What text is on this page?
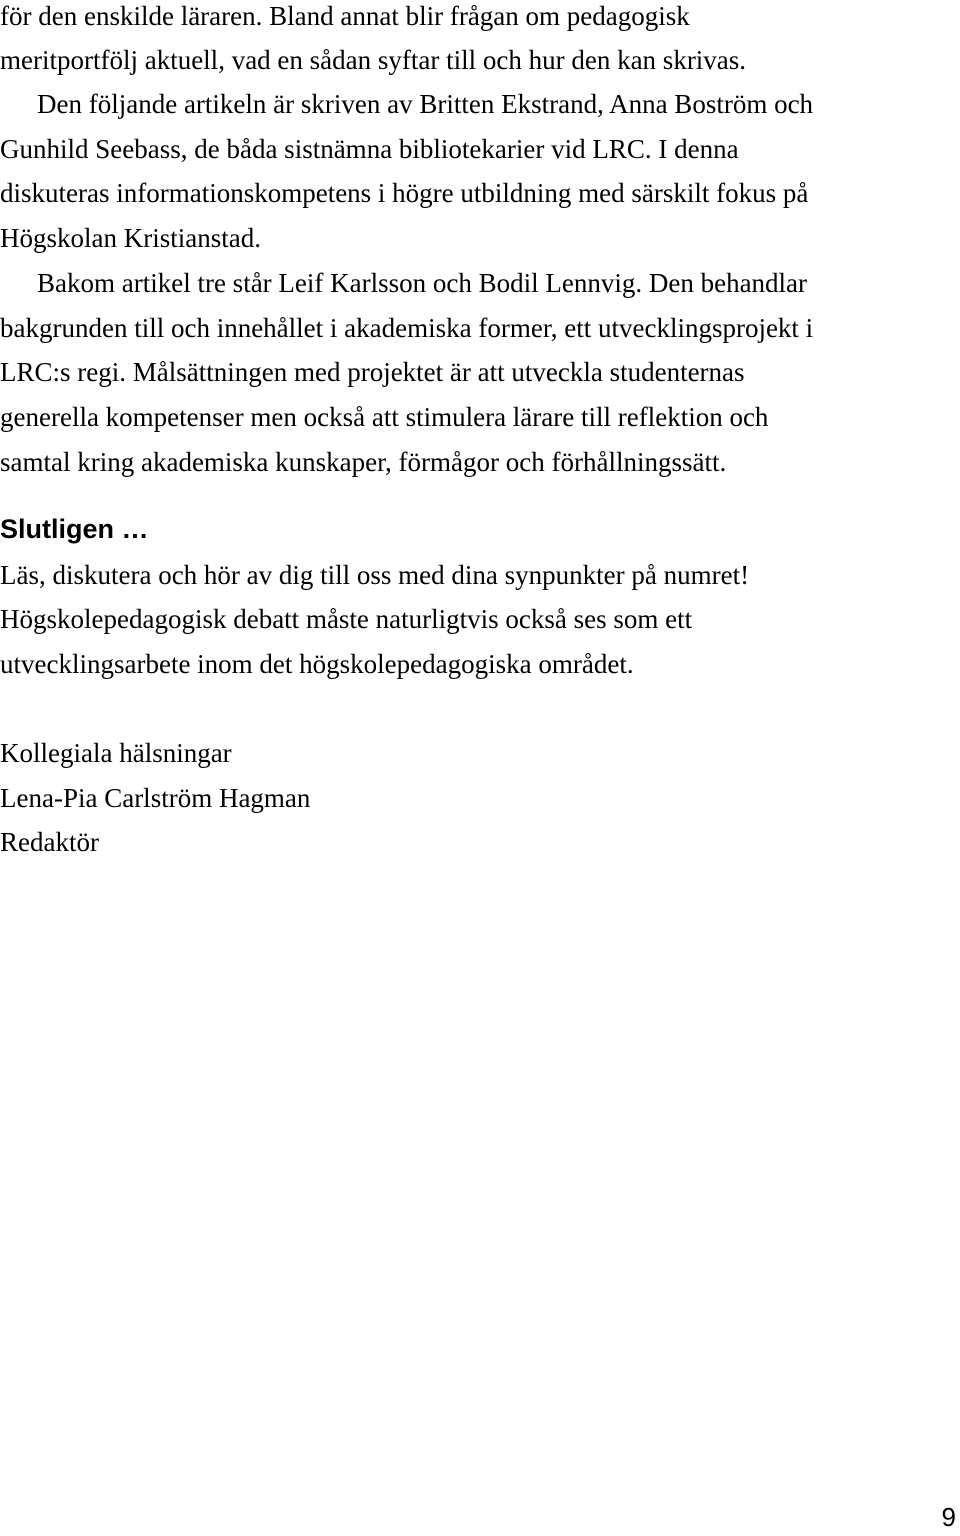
för den enskilde läraren. Bland annat blir frågan om pedagogisk
meritportfölj aktuell, vad en sådan syftar till och hur den kan skrivas.
Den följande artikeln är skriven av Britten Ekstrand, Anna Boström och
Gunhild Seebass, de båda sistnämna bibliotekarier vid LRC. I denna
diskuteras informationskompetens i högre utbildning med särskilt fokus på
Högskolan Kristianstad.
Bakom artikel tre står Leif Karlsson och Bodil Lennvig. Den behandlar
bakgrunden till och innehållet i akademiska former, ett utvecklingsprojekt i
LRC:s regi. Målsättningen med projektet är att utveckla studenternas
generella kompetenser men också att stimulera lärare till reflektion och
samtal kring akademiska kunskaper, förmågor och förhållningssätt.
Slutligen …
Läs, diskutera och hör av dig till oss med dina synpunkter på numret!
Högskolepedagogisk debatt måste naturligtvis också ses som ett
utvecklingsarbete inom det högskolepedagogiska området.
Kollegiala hälsningar
Lena-Pia Carlström Hagman
Redaktör
9
